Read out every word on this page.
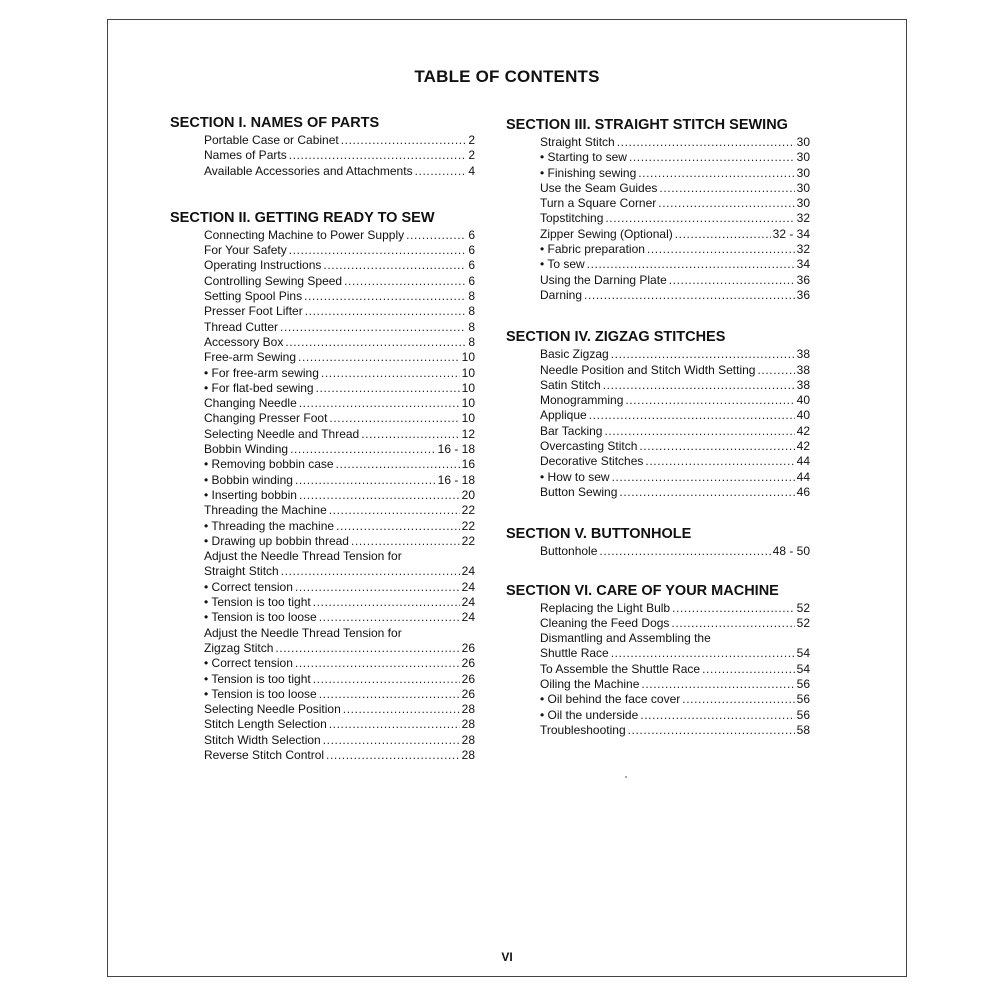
TABLE OF CONTENTS
SECTION I. NAMES OF PARTS
Portable Case or Cabinet .....	2
Names of Parts .....	2
Available Accessories and Attachments .....	4
SECTION II. GETTING READY TO SEW
Connecting Machine to Power Supply .....	6
For Your Safety .....	6
Operating Instructions .....	6
Controlling Sewing Speed .....	6
Setting Spool Pins .....	8
Presser Foot Lifter .....	8
Thread Cutter .....	8
Accessory Box .....	8
Free-arm Sewing .....	10
• For free-arm sewing .....	10
• For flat-bed sewing .....	10
Changing Needle .....	10
Changing Presser Foot .....	10
Selecting Needle and Thread .....	12
Bobbin Winding .....	16 - 18
• Removing bobbin case .....	16
• Bobbin winding .....	16 - 18
• Inserting bobbin .....	20
Threading the Machine .....	22
• Threading the machine .....	22
• Drawing up bobbin thread .....	22
Adjust the Needle Thread Tension for
Straight Stitch .....	24
• Correct tension .....	24
• Tension is too tight .....	24
• Tension is too loose .....	24
Adjust the Needle Thread Tension for
Zigzag Stitch .....	26
• Correct tension .....	26
• Tension is too tight .....	26
• Tension is too loose .....	26
Selecting Needle Position .....	28
Stitch Length Selection .....	28
Stitch Width Selection .....	28
Reverse Stitch Control .....	28
SECTION III. STRAIGHT STITCH SEWING
Straight Stitch .....	30
• Starting to sew .....	30
• Finishing sewing .....	30
Use the Seam Guides .....	30
Turn a Square Corner .....	30
Topstitching .....	32
Zipper Sewing (Optional) .....	32 - 34
• Fabric preparation .....	32
• To sew .....	34
Using the Darning Plate .....	36
Darning .....	36
SECTION IV. ZIGZAG STITCHES
Basic Zigzag .....	38
Needle Position and Stitch Width Setting .....	38
Satin Stitch .....	38
Monogramming .....	40
Applique .....	40
Bar Tacking .....	42
Overcasting Stitch .....	42
Decorative Stitches .....	44
• How to sew .....	44
Button Sewing .....	46
SECTION V. BUTTONHOLE
Buttonhole .....	48 - 50
SECTION VI. CARE OF YOUR MACHINE
Replacing the Light Bulb .....	52
Cleaning the Feed Dogs .....	52
Dismantling and Assembling the
Shuttle Race .....	54
To Assemble the Shuttle Race .....	54
Oiling the Machine .....	56
• Oil behind the face cover .....	56
• Oil the underside .....	56
Troubleshooting .....	58
VI
